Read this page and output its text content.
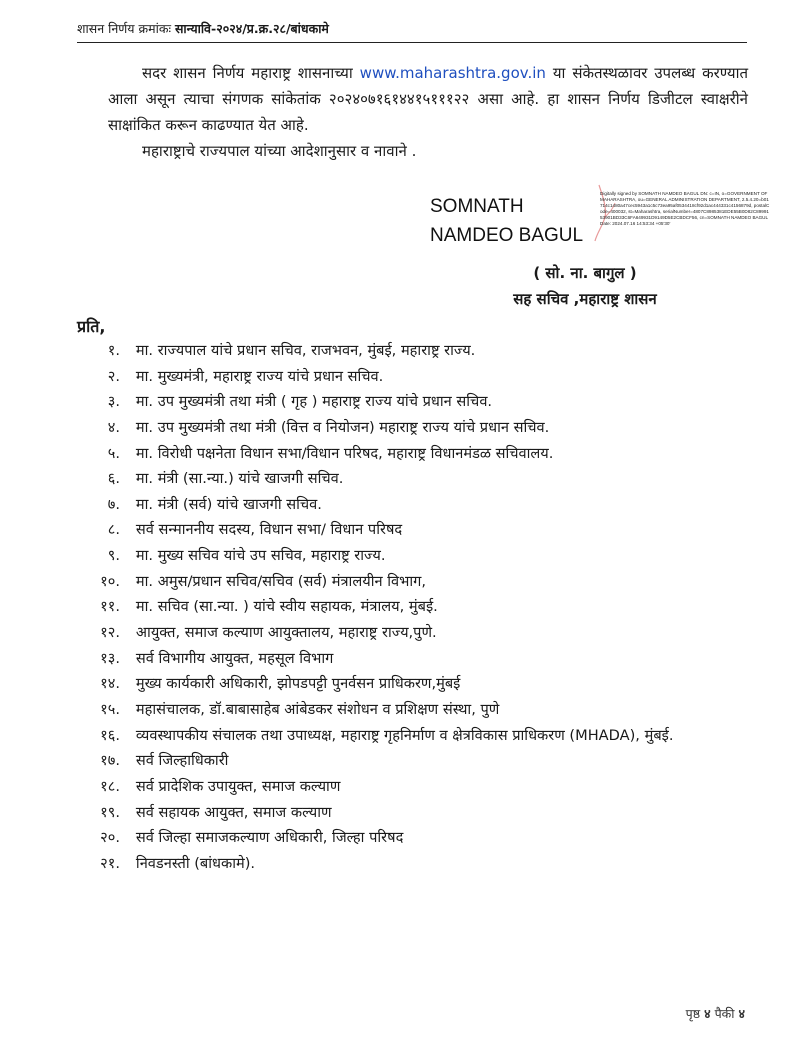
शासन निर्णय क्रमांकः सान्यावि-२०२४/प्र.क्र.२८/बांधकामे

सदर शासन निर्णय महाराष्ट्र शासनाच्या www.maharashtra.gov.in या संकेतस्थळावर उपलब्ध करण्यात आला असून त्याचा संगणक सांकेतांक २०२४०७१६१४४१५१११२२ असा आहे. हा शासन निर्णय डिजीटल स्वाक्षरीने साक्षांकित करून काढण्यात येत आहे.

महाराष्ट्राचे राज्यपाल यांच्या आदेशानुसार व नावाने .

SOMNATH
NAMDEO BAGUL
Digitally signed by SOMNATH NAMDEO BAGUL DN: c=IN, o=GOVERNMENT OF MAHARASHTRA, ou=GENERAL ADMINISTRATION DEPARTMENT, 2.5.4.20=b01714c1480a47cec5943a1c5c73ea95af0534418cf92d1ac444331c4156879d, postalCode=400032, st=Maharashtra, serialNumber=4807C8985381EDE55B0D82C8999153901BD33C6FA649931D9149D5E2CBDCF56, cn=SOMNATH NAMDEO BAGUL Date: 2024.07.16 14:53:34 +05'30'
( सो. ना. बागुल )
सह सचिव ,महाराष्ट्र शासन
प्रति,
१. मा. राज्यपाल यांचे प्रधान सचिव, राजभवन, मुंबई, महाराष्ट्र राज्य.
२. मा. मुख्यमंत्री, महाराष्ट्र राज्य यांचे प्रधान सचिव.
३. मा. उप मुख्यमंत्री तथा मंत्री ( गृह ) महाराष्ट्र राज्य यांचे प्रधान सचिव.
४. मा. उप मुख्यमंत्री तथा मंत्री (वित्त व नियोजन) महाराष्ट्र राज्य यांचे प्रधान सचिव.
५. मा. विरोधी पक्षनेता विधान सभा/विधान परिषद, महाराष्ट्र विधानमंडळ सचिवालय.
६. मा. मंत्री (सा.न्या.) यांचे खाजगी सचिव.
७. मा. मंत्री (सर्व) यांचे खाजगी सचिव.
८. सर्व सन्माननीय सदस्य, विधान सभा/ विधान परिषद
९. मा. मुख्य सचिव यांचे उप सचिव, महाराष्ट्र राज्य.
१०. मा. अमुस/प्रधान सचिव/सचिव (सर्व) मंत्रालयीन विभाग,
११. मा. सचिव (सा.न्या. ) यांचे स्वीय सहायक, मंत्रालय, मुंबई.
१२. आयुक्त, समाज कल्याण आयुक्तालय, महाराष्ट्र राज्य,पुणे.
१३. सर्व विभागीय आयुक्त, महसूल विभाग
१४. मुख्य कार्यकारी अधिकारी, झोपडपट्टी पुनर्वसन प्राधिकरण,मुंबई
१५. महासंचालक, डॉ.बाबासाहेब आंबेडकर संशोधन व प्रशिक्षण संस्था, पुणे
१६. व्यवस्थापकीय संचालक तथा उपाध्यक्ष, महाराष्ट्र गृहनिर्माण व क्षेत्रविकास प्राधिकरण (MHADA), मुंबई.
१७. सर्व जिल्हाधिकारी
१८. सर्व प्रादेशिक उपायुक्त, समाज कल्याण
१९. सर्व सहायक आयुक्त, समाज कल्याण
२०. सर्व जिल्हा समाजकल्याण अधिकारी, जिल्हा परिषद
२१. निवडनस्ती (बांधकामे).
पृष्ठ ४ पैकी ४
